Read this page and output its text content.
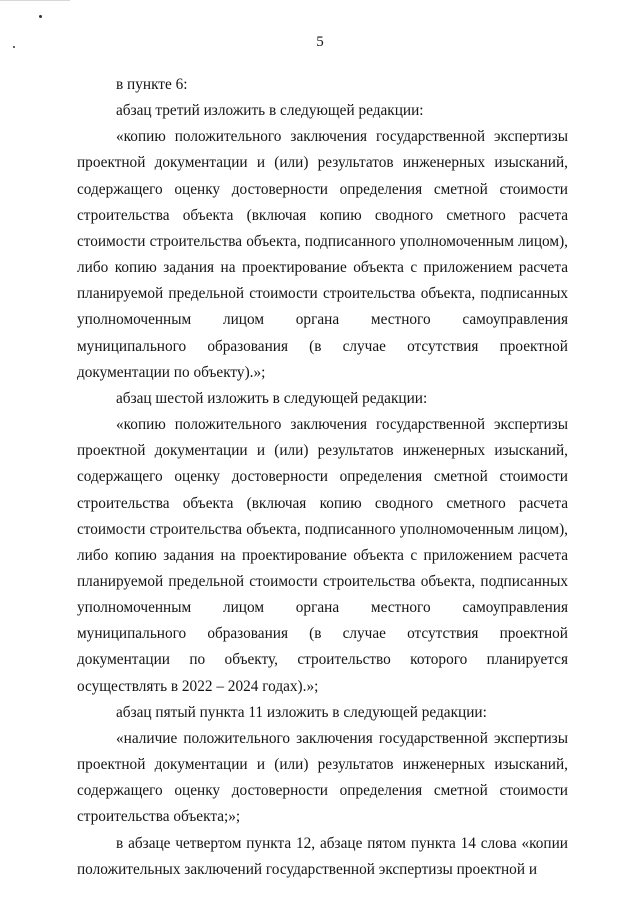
5

в пункте 6:

абзац третий изложить в следующей редакции:

«копию положительного заключения государственной экспертизы проектной документации и (или) результатов инженерных изысканий, содержащего оценку достоверности определения сметной стоимости строительства объекта (включая копию сводного сметного расчета стоимости строительства объекта, подписанного уполномоченным лицом), либо копию задания на проектирование объекта с приложением расчета планируемой предельной стоимости строительства объекта, подписанных уполномоченным лицом органа местного самоуправления муниципального образования (в случае отсутствия проектной документации по объекту).»;

абзац шестой изложить в следующей редакции:

«копию положительного заключения государственной экспертизы проектной документации и (или) результатов инженерных изысканий, содержащего оценку достоверности определения сметной стоимости строительства объекта (включая копию сводного сметного расчета стоимости строительства объекта, подписанного уполномоченным лицом), либо копию задания на проектирование объекта с приложением расчета планируемой предельной стоимости строительства объекта, подписанных уполномоченным лицом органа местного самоуправления муниципального образования (в случае отсутствия проектной документации по объекту, строительство которого планируется осуществлять в 2022 – 2024 годах).»;

абзац пятый пункта 11 изложить в следующей редакции:

«наличие положительного заключения государственной экспертизы проектной документации и (или) результатов инженерных изысканий, содержащего оценку достоверности определения сметной стоимости строительства объекта;»;

в абзаце четвертом пункта 12, абзаце пятом пункта 14 слова «копии положительных заключений государственной экспертизы проектной и
